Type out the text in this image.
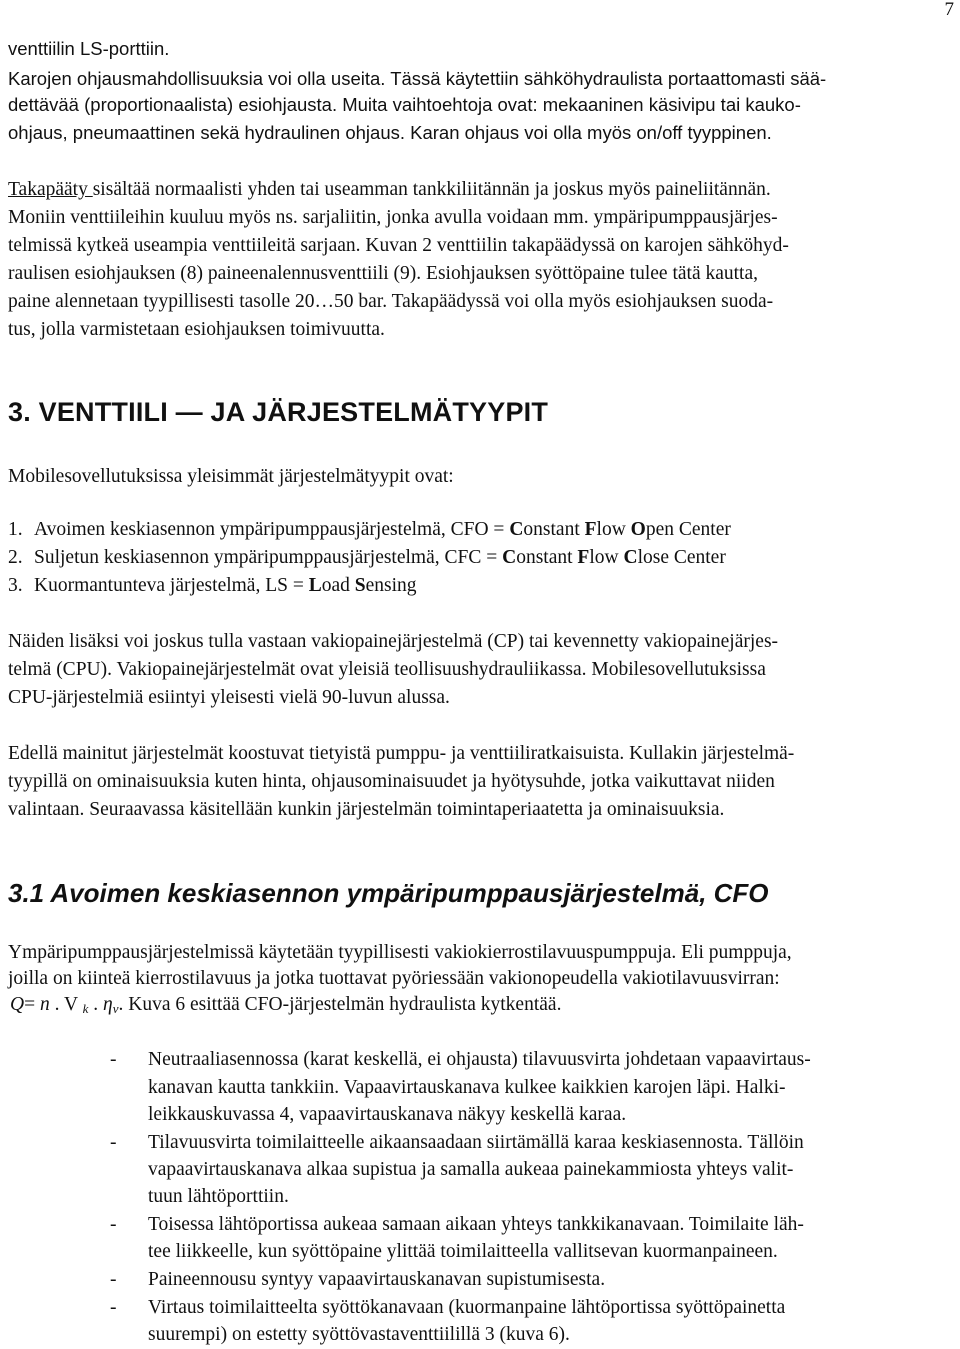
7
venttiilin LS-porttiin.
Karojen ohjausmahdollisuuksia voi olla useita. Tässä käytettiin sähköhydraulista portaattomasti sää-
dettävää (proportionaalista) esiohjausta. Muita vaihtoehtoja ovat: mekaaninen käsivipu tai kauko-
ohjaus, pneumaattinen sekä hydraulinen ohjaus. Karan ohjaus voi olla myös on/off tyyppinen.
Takapääty sisältää normaalisti yhden tai useamman tankkiliitännän ja joskus myös paineliitännän.
Moniin venttiileihin kuuluu myös ns. sarjaliitin, jonka avulla voidaan mm. ympäripumppausjärjes-
telmissä kytkeä useampia venttiileitä sarjaan. Kuvan 2 venttiilin takapäädyssä on karojen sähköhyd-
raulisen esiohjauksen (8) paineenalennusventtiili (9). Esiohjauksen syöttöpaine tulee tätä kautta,
paine alennetaan tyypillisesti tasolle 20…50 bar. Takapäädyssä voi olla myös esiohjauksen suoda-
tus, jolla varmistetaan esiohjauksen toimivuutta.
3. VENTTIILI — JA JÄRJESTELMÄTYYPIT
Mobilesovellutuksissa yleisimmät järjestelmätyypit ovat:
1. Avoimen keskiasennon ympäripumppausjärjestelmä, CFO = Constant Flow Open Center
2. Suljetun keskiasennon ympäripumppausjärjestelmä, CFC = Constant Flow Close Center
3. Kuormantunteva järjestelmä, LS = Load Sensing
Näiden lisäksi voi joskus tulla vastaan vakiopainejärjestelmä (CP) tai kevennetty vakiopainejärjes-
telmä (CPU). Vakiopainejärjestelmät ovat yleisiä teollisuushydrauliikassa. Mobilesovellutuksissa
CPU-järjestelmiä esiintyi yleisesti vielä 90-luvun alussa.
Edellä mainitut järjestelmät koostuvat tietyistä pumppu- ja venttiiliratkaisuista. Kullakin järjestelmä-
tyypillä on ominaisuuksia kuten hinta, ohjausominaisuudet ja hyötysuhde, jotka vaikuttavat niiden
valintaan. Seuraavassa käsitellään kunkin järjestelmän toimintaperiaatetta ja ominaisuuksia.
3.1 Avoimen keskiasennon ympäripumppausjärjestelmä, CFO
Ympäripumppausjärjestelmissä käytetään tyypillisesti vakiokierrostilavuuspumppuja. Eli pumppuja,
joilla on kiinteä kierrostilavuus ja jotka tuottavat pyöriessään vakionopeudella vakiotilavuusvirran:
Q= n . V $_k$ . $\eta_v$. Kuva 6 esittää CFO-järjestelmän hydraulista kytkentää.
- Neutraaliasennossa (karat keskellä, ei ohjausta) tilavuusvirta johdetaan vapaavirtaus-
kanavan kautta tankkiin. Vapaavirtauskanava kulkee kaikkien karojen läpi. Halki-
leikkauskuvassa 4, vapaavirtauskanava näkyy keskellä karaa.
- Tilavuusvirta toimilaitteelle aikaansaadaan siirtämällä karaa keskiasennosta. Tällöin
vapaavirtauskanava alkaa supistua ja samalla aukeaa painekammiosta yhteys valit-
tuun lähtöporttiin.
- Toisessa lähtöportissa aukeaa samaan aikaan yhteys tankkikanavaan. Toimilaite läh-
tee liikkeelle, kun syöttöpaine ylittää toimilaitteella vallitsevan kuormanpaineen.
- Paineennousu syntyy vapaavirtauskanavan supistumisesta.
- Virtaus toimilaitteelta syöttökanavaan (kuormanpaine lähtöportissa syöttöpainetta
suurempi) on estetty syöttövastaventtiilillä 3 (kuva 6).
